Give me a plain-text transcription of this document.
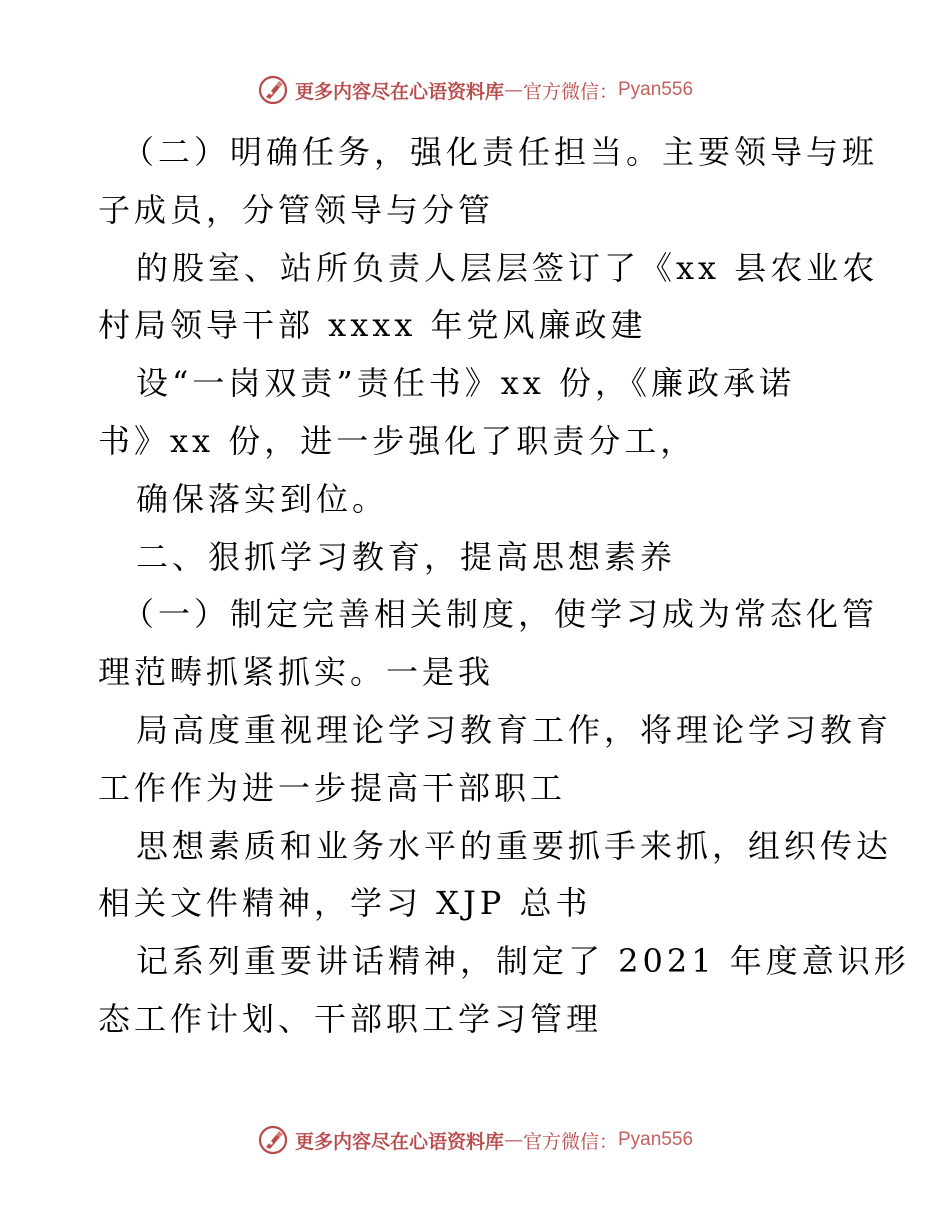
更多内容尽在心语资料库 — 官方微信： Pyan556
（二）明确任务，强化责任担当。主要领导与班
子成员，分管领导与分管
的股室、站所负责人层层签订了《xx 县农业农
村局领导干部 xxxx 年党风廉政建
设“一岗双责”责任书》xx 份，《廉政承诺
书》xx 份，进一步强化了职责分工，
确保落实到位。
二、狠抓学习教育，提高思想素养
（一）制定完善相关制度，使学习成为常态化管
理范畴抓紧抓实。一是我
局高度重视理论学习教育工作，将理论学习教育
工作作为进一步提高干部职工
思想素质和业务水平的重要抓手来抓，组织传达
相关文件精神，学习 XJP 总书
记系列重要讲话精神，制定了 2021 年度意识形
态工作计划、干部职工学习管理
更多内容尽在心语资料库 — 官方微信： Pyan556
